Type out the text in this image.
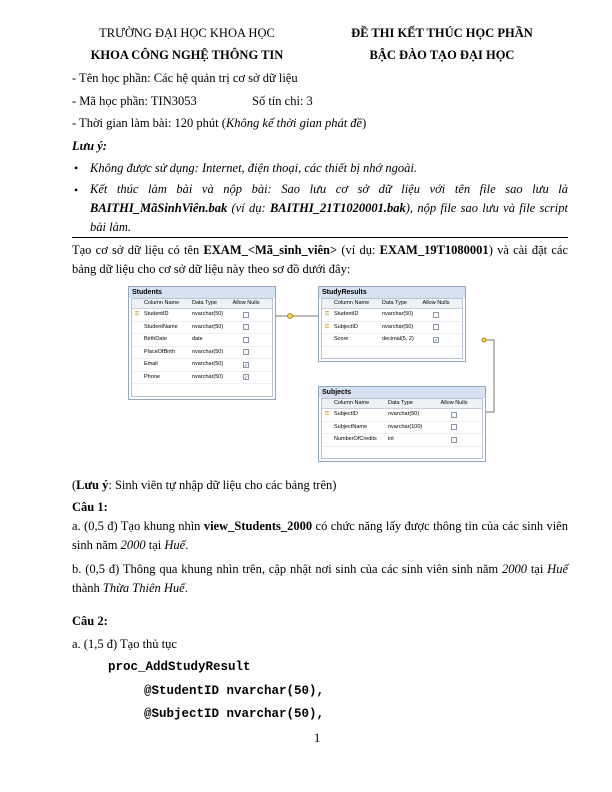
TRƯỜNG ĐẠI HỌC KHOA HỌC
KHOA CÔNG NGHỆ THÔNG TIN
ĐỀ THI KẾT THÚC HỌC PHẦN
BẬC ĐÀO TẠO ĐẠI HỌC
- Tên học phần: Các hệ quản trị cơ sở dữ liệu
- Mã học phần: TIN3053	Số tín chỉ: 3
- Thời gian làm bài: 120 phút (Không kể thời gian phát đề)
Lưu ý:
• Không được sử dụng: Internet, điện thoại, các thiết bị nhớ ngoài.
• Kết thúc làm bài và nộp bài: Sao lưu cơ sở dữ liệu với tên file sao lưu là BAITHI_MãSinhViên.bak (ví dụ: BAITHI_21T1020001.bak), nộp file sao lưu và file script bài làm.
Tạo cơ sở dữ liệu có tên EXAM_<Mã_sinh_viên> (ví dụ: EXAM_19T1080001) và cài đặt các bảng dữ liệu cho cơ sở dữ liệu này theo sơ đồ dưới đây:
Students
Column Name	Data Type	Allow Nulls
⚿ StudentID	nvarchar(50)
StudentName	nvarchar(50)
BirthDate	date
PlaceOfBirth	nvarchar(50)
Email	nvarchar(50)	✓
Phone	nvarchar(50)	✓
StudyResults
Column Name	Data Type	Allow Nulls
⚿ StudentID	nvarchar(50)
⚿ SubjectID	nvarchar(50)
Score	decimal(5, 2)	✓
Subjects
Column Name	Data Type	Allow Nulls
⚿ SubjectID	nvarchar(50)
SubjectName	nvarchar(100)
NumberOfCredits	int
(Lưu ý: Sinh viên tự nhập dữ liệu cho các bảng trên)
Câu 1:
a. (0,5 đ) Tạo khung nhìn view_Students_2000 có chức năng lấy được thông tin của các sinh viên sinh năm 2000 tại Huế.
b. (0,5 đ) Thông qua khung nhìn trên, cập nhật nơi sinh của các sinh viên sinh năm 2000 tại Huế thành Thừa Thiên Huế.
Câu 2:
a. (1,5 đ) Tạo thủ tục
proc_AddStudyResult
@StudentID nvarchar(50),
@SubjectID nvarchar(50),
1
